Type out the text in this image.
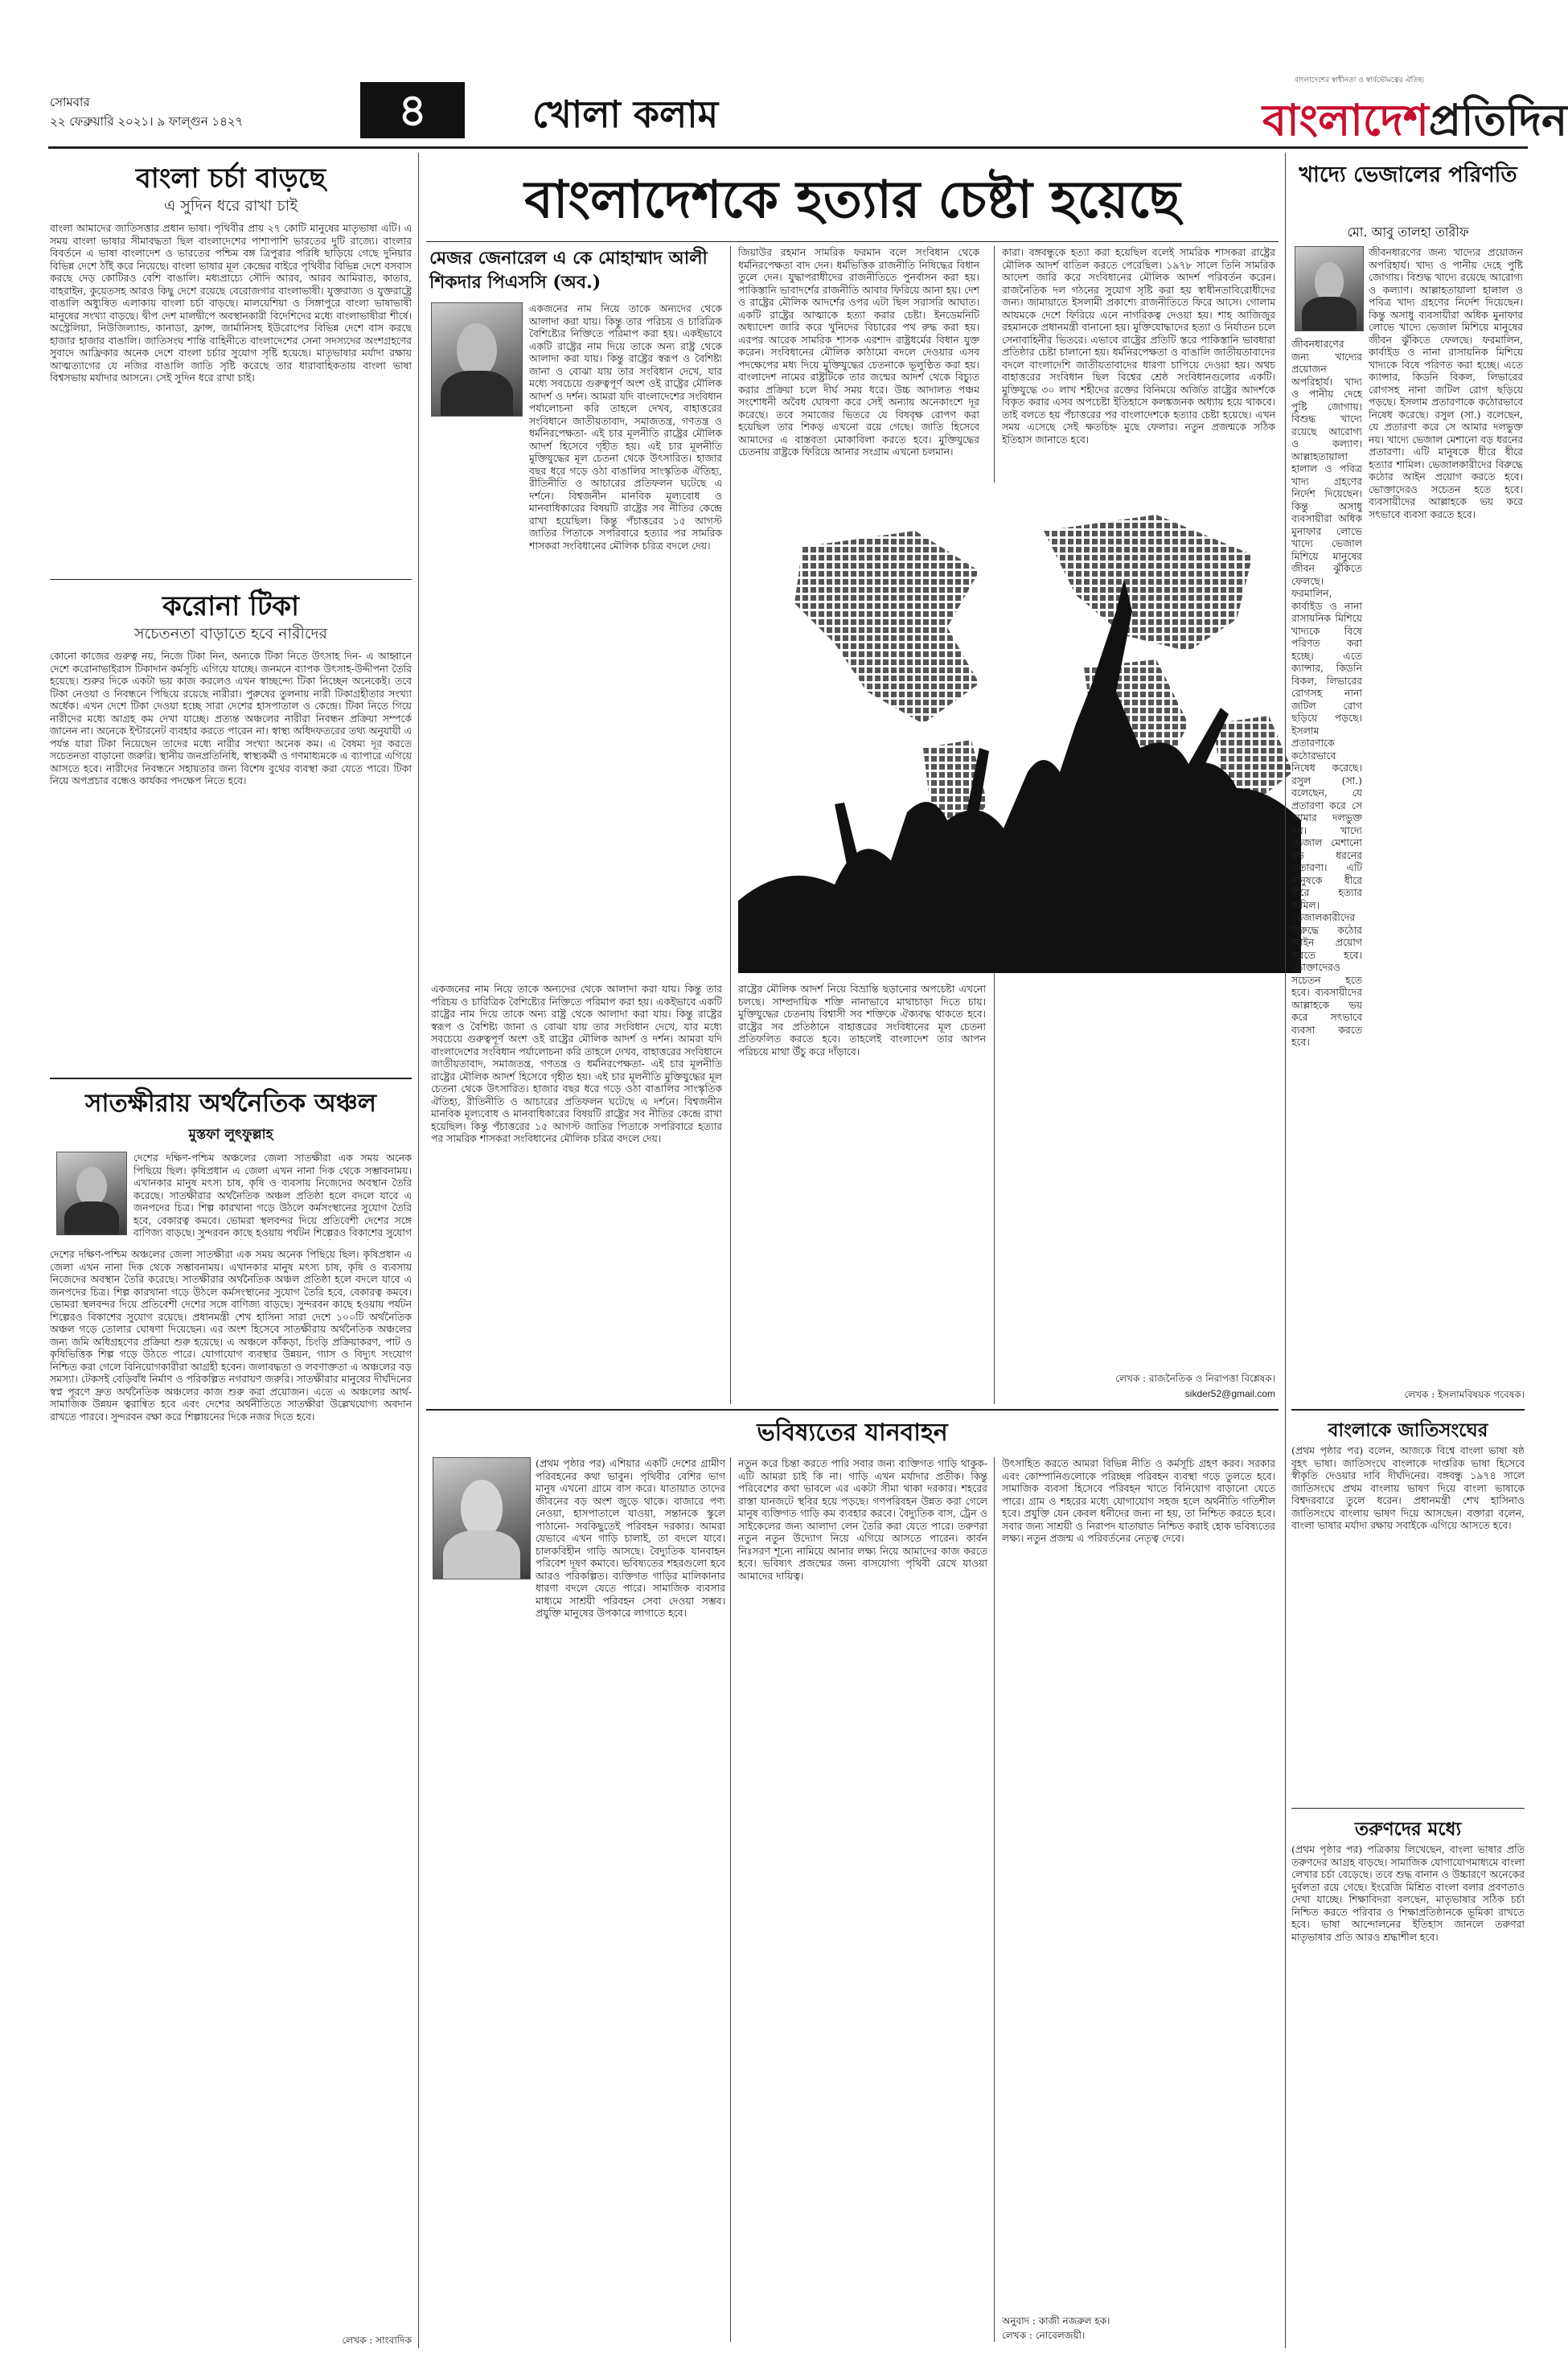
সোমবার
২২ ফেব্রুয়ারি ২০২১। ৯ ফাল্গুন ১৪২৭	৪	খোলা কলাম
বাংলাদেশের স্বাধীনতা ও স্বার্বভৌমত্বের ঐতিহ্য
বাংলাদেশপ্রতিদিন
বাংলা চর্চা বাড়ছে
এ সুদিন ধরে রাখা চাই
বাংলা আমাদের জাতিসত্তার প্রধান ভাষা। পৃথিবীর প্রায় ২৭ কোটি মানুষের মাতৃভাষা এটি। এ সময় বাংলা ভাষার সীমাবদ্ধতা ছিল বাংলাদেশের পাশাপাশি ভারতের দুটি রাজ্যে। বাংলার বিবর্তনে এ ভাষা বাংলাদেশ ও ভারতের পশ্চিম বঙ্গ ত্রিপুরার পরিধি ছাড়িয়ে গেছে দুনিয়ার বিভিন্ন দেশে ঠাঁই করে নিয়েছে। বাংলা ভাষার মূল কেন্দ্রের বাইরে পৃথিবীর বিভিন্ন দেশে বসবাস করছে দেড় কোটিরও বেশি বাঙালি। মধ্যপ্রাচ্যে সৌদি আরব, আরব আমিরাত, কাতার, বাহরাইন, কুয়েতসহ আরও কিছু দেশে রয়েছে বেরোজগার বাংলাভাষী। যুক্তরাজ্য ও যুক্তরাষ্ট্রে বাঙালি অধ্যুষিত এলাকায় বাংলা চর্চা বাড়ছে। মালয়েশিয়া ও সিঙ্গাপুরে বাংলা ভাষাভাষী মানুষের সংখ্যা বাড়ছে। দ্বীপ দেশ মালদ্বীপে অবস্থানকারী বিদেশিদের মধ্যে বাংলাভাষীরা শীর্ষে। অস্ট্রেলিয়া, নিউজিল্যান্ড, কানাডা, ফ্রান্স, জার্মানিসহ ইউরোপের বিভিন্ন দেশে বাস করছে হাজার হাজার বাঙালি। জাতিসংঘ শান্তি বাহিনীতে বাংলাদেশের সেনা সদস্যদের অংশগ্রহণের সুবাদে আফ্রিকার অনেক দেশে বাংলা চর্চার সুযোগ সৃষ্টি হয়েছে। মাতৃভাষার মর্যাদা রক্ষায় আত্মত্যাগের যে নজির বাঙালি জাতি সৃষ্টি করেছে তার ধারাবাহিকতায় বাংলা ভাষা বিশ্বসভায় মর্যাদার আসনে। সেই সুদিন ধরে রাখা চাই।
করোনা টিকা
সচেতনতা বাড়াতে হবে নারীদের
কোনো কাজের গুরুত্ব নয়, নিজে টিকা নিন, অন্যকে টিকা নিতে উৎসাহ দিন- এ আহ্বানে দেশে করোনাভাইরাস টিকাদান কর্মসূচি এগিয়ে যাচ্ছে। জনমনে ব্যাপক উৎসাহ-উদ্দীপনা তৈরি হয়েছে। শুরুর দিকে একটা ভয় কাজ করলেও এখন স্বাচ্ছন্দ্যে টিকা নিচ্ছেন অনেকেই। তবে টিকা নেওয়া ও নিবন্ধনে পিছিয়ে রয়েছে নারীরা। পুরুষের তুলনায় নারী টিকাগ্রহীতার সংখ্যা অর্ধেক। এখন দেশে টিকা দেওয়া হচ্ছে সারা দেশের হাসপাতাল ও কেন্দ্রে। টিকা নিতে গিয়ে নারীদের মধ্যে আগ্রহ কম দেখা যাচ্ছে। প্রত্যন্ত অঞ্চলের নারীরা নিবন্ধন প্রক্রিয়া সম্পর্কে জানেন না। অনেকে ইন্টারনেট ব্যবহার করতে পারেন না। স্বাস্থ্য অধিদফতরের তথ্য অনুযায়ী এ পর্যন্ত যারা টিকা নিয়েছেন তাদের মধ্যে নারীর সংখ্যা অনেক কম। এ বৈষম্য দূর করতে সচেতনতা বাড়ানো জরুরি। স্থানীয় জনপ্রতিনিধি, স্বাস্থ্যকর্মী ও গণমাধ্যমকে এ ব্যাপারে এগিয়ে আসতে হবে। নারীদের নিবন্ধনে সহায়তার জন্য বিশেষ বুথের ব্যবস্থা করা যেতে পারে। টিকা নিয়ে অপপ্রচার বন্ধেও কার্যকর পদক্ষেপ নিতে হবে।
সাতক্ষীরায় অর্থনৈতিক অঞ্চল
মুস্তফা লুৎফুল্লাহ
দেশের দক্ষিণ-পশ্চিম অঞ্চলের জেলা সাতক্ষীরা এক সময় অনেক পিছিয়ে ছিল। কৃষিপ্রধান এ জেলা এখন নানা দিক থেকে সম্ভাবনাময়। এখানকার মানুষ মৎস্য চাষ, কৃষি ও ব্যবসায় নিজেদের অবস্থান তৈরি করেছে। সাতক্ষীরার অর্থনৈতিক অঞ্চল প্রতিষ্ঠা হলে বদলে যাবে এ জনপদের চিত্র। শিল্প কারখানা গড়ে উঠলে কর্মসংস্থানের সুযোগ তৈরি হবে, বেকারত্ব কমবে। ভোমরা স্থলবন্দর দিয়ে প্রতিবেশী দেশের সঙ্গে বাণিজ্য বাড়ছে। সুন্দরবন কাছে হওয়ায় পর্যটন শিল্পেরও বিকাশের সুযোগ
দেশের দক্ষিণ-পশ্চিম অঞ্চলের জেলা সাতক্ষীরা এক সময় অনেক পিছিয়ে ছিল। কৃষিপ্রধান এ জেলা এখন নানা দিক থেকে সম্ভাবনাময়। এখানকার মানুষ মৎস্য চাষ, কৃষি ও ব্যবসায় নিজেদের অবস্থান তৈরি করেছে। সাতক্ষীরার অর্থনৈতিক অঞ্চল প্রতিষ্ঠা হলে বদলে যাবে এ জনপদের চিত্র। শিল্প কারখানা গড়ে উঠলে কর্মসংস্থানের সুযোগ তৈরি হবে, বেকারত্ব কমবে। ভোমরা স্থলবন্দর দিয়ে প্রতিবেশী দেশের সঙ্গে বাণিজ্য বাড়ছে। সুন্দরবন কাছে হওয়ায় পর্যটন শিল্পেরও বিকাশের সুযোগ রয়েছে। প্রধানমন্ত্রী শেখ হাসিনা সারা দেশে ১০০টি অর্থনৈতিক অঞ্চল গড়ে তোলার ঘোষণা দিয়েছেন। এর অংশ হিসেবে সাতক্ষীরায় অর্থনৈতিক অঞ্চলের জন্য জমি অধিগ্রহণের প্রক্রিয়া শুরু হয়েছে। এ অঞ্চলে কাঁকড়া, চিংড়ি প্রক্রিয়াকরণ, পাট ও কৃষিভিত্তিক শিল্প গড়ে উঠতে পারে। যোগাযোগ ব্যবস্থার উন্নয়ন, গ্যাস ও বিদ্যুৎ সংযোগ নিশ্চিত করা গেলে বিনিয়োগকারীরা আগ্রহী হবেন। জলাবদ্ধতা ও লবণাক্ততা এ অঞ্চলের বড় সমস্যা। টেকসই বেড়িবাঁধ নির্মাণ ও পরিকল্পিত নগরায়ণ জরুরি। সাতক্ষীরার মানুষের দীর্ঘদিনের স্বপ্ন পূরণে দ্রুত অর্থনৈতিক অঞ্চলের কাজ শুরু করা প্রয়োজন। এতে এ অঞ্চলের আর্থ-সামাজিক উন্নয়ন ত্বরান্বিত হবে এবং দেশের অর্থনীতিতে সাতক্ষীরা উল্লেখযোগ্য অবদান রাখতে পারবে। সুন্দরবন রক্ষা করে শিল্পায়নের দিকে নজর দিতে হবে।
লেখক : সাংবাদিক
বাংলাদেশকে হত্যার চেষ্টা হয়েছে
মেজর জেনারেল এ কে মোহাম্মাদ আলী শিকদার পিএসসি (অব.)
একজনের নাম নিয়ে তাকে অন্যদের থেকে আলাদা করা যায়। কিন্তু তার পরিচয় ও চারিত্রিক বৈশিষ্ট্যের নিক্তিতে পরিমাপ করা হয়। একইভাবে একটি রাষ্ট্রের নাম দিয়ে তাকে অন্য রাষ্ট্র থেকে আলাদা করা যায়। কিন্তু রাষ্ট্রের স্বরূপ ও বৈশিষ্ট্য জানা ও বোঝা যায় তার সংবিধান দেখে, যার মধ্যে সবচেয়ে গুরুত্বপূর্ণ অংশ ওই রাষ্ট্রের মৌলিক আদর্শ ও দর্শন। আমরা যদি বাংলাদেশের সংবিধান পর্যালোচনা করি তাহলে দেখব, বাহাত্তরের সংবিধানে জাতীয়তাবাদ, সমাজতন্ত্র, গণতন্ত্র ও ধর্মনিরপেক্ষতা- এই চার মূলনীতি রাষ্ট্রের মৌলিক আদর্শ হিসেবে গৃহীত হয়। এই চার মূলনীতি মুক্তিযুদ্ধের মূল চেতনা থেকে উৎসারিত। হাজার বছর ধরে গড়ে ওঠা বাঙালির সাংস্কৃতিক ঐতিহ্য, রীতিনীতি ও আচারের প্রতিফলন ঘটেছে এ দর্শনে। বিশ্বজনীন মানবিক মূল্যবোধ ও মানবাধিকারের বিষয়টি রাষ্ট্রের সব নীতির কেন্দ্রে রাখা হয়েছিল। কিন্তু পঁচাত্তরের ১৫ আগস্ট জাতির পিতাকে সপরিবারে হত্যার পর সামরিক শাসকরা সংবিধানের মৌলিক চরিত্র বদলে দেয়।
জিয়াউর রহমান সামরিক ফরমান বলে সংবিধান থেকে ধর্মনিরপেক্ষতা বাদ দেন। ধর্মভিত্তিক রাজনীতি নিষিদ্ধের বিধান তুলে দেন। যুদ্ধাপরাধীদের রাজনীতিতে পুনর্বাসন করা হয়। পাকিস্তানি ভাবাদর্শের রাজনীতি আবার ফিরিয়ে আনা হয়। দেশ ও রাষ্ট্রের মৌলিক আদর্শের ওপর এটা ছিল সরাসরি আঘাত। একটি রাষ্ট্রের আত্মাকে হত্যা করার চেষ্টা। ইনডেমনিটি অধ্যাদেশ জারি করে খুনিদের বিচারের পথ রুদ্ধ করা হয়। এরপর আরেক সামরিক শাসক এরশাদ রাষ্ট্রধর্মের বিধান যুক্ত করেন। সংবিধানের মৌলিক কাঠামো বদলে দেওয়ার এসব পদক্ষেপের মধ্য দিয়ে মুক্তিযুদ্ধের চেতনাকে ভূলুণ্ঠিত করা হয়। বাংলাদেশ নামের রাষ্ট্রটিকে তার জন্মের আদর্শ থেকে বিচ্যুত করার প্রক্রিয়া চলে দীর্ঘ সময় ধরে। উচ্চ আদালত পঞ্চম সংশোধনী অবৈধ ঘোষণা করে সেই অন্যায় অনেকাংশে দূর করেছে। তবে সমাজের ভিতরে যে বিষবৃক্ষ রোপণ করা হয়েছিল তার শিকড় এখনো রয়ে গেছে। জাতি হিসেবে আমাদের এ বাস্তবতা মোকাবিলা করতে হবে। মুক্তিযুদ্ধের চেতনায় রাষ্ট্রকে ফিরিয়ে আনার সংগ্রাম এখনো চলমান।
কারা। বঙ্গবন্ধুকে হত্যা করা হয়েছিল বলেই সামরিক শাসকরা রাষ্ট্রের মৌলিক আদর্শ বাতিল করতে পেরেছিল। ১৯৭৮ সালে তিনি সামরিক আদেশ জারি করে সংবিধানের মৌলিক আদর্শ পরিবর্তন করেন। রাজনৈতিক দল গঠনের সুযোগ সৃষ্টি করা হয় স্বাধীনতাবিরোধীদের জন্য। জামায়াতে ইসলামী প্রকাশ্যে রাজনীতিতে ফিরে আসে। গোলাম আযমকে দেশে ফিরিয়ে এনে নাগরিকত্ব দেওয়া হয়। শাহ আজিজুর রহমানকে প্রধানমন্ত্রী বানানো হয়। মুক্তিযোদ্ধাদের হত্যা ও নির্যাতন চলে সেনাবাহিনীর ভিতরে। এভাবে রাষ্ট্রের প্রতিটি স্তরে পাকিস্তানি ভাবধারা প্রতিষ্ঠার চেষ্টা চালানো হয়। ধর্মনিরপেক্ষতা ও বাঙালি জাতীয়তাবাদের বদলে বাংলাদেশি জাতীয়তাবাদের ধারণা চাপিয়ে দেওয়া হয়। অথচ বাহাত্তরের সংবিধান ছিল বিশ্বের শ্রেষ্ঠ সংবিধানগুলোর একটি। মুক্তিযুদ্ধে ৩০ লাখ শহীদের রক্তের বিনিময়ে অর্জিত রাষ্ট্রের আদর্শকে বিকৃত করার এসব অপচেষ্টা ইতিহাসে কলঙ্কজনক অধ্যায় হয়ে থাকবে। তাই বলতে হয় পঁচাত্তরের পর বাংলাদেশকে হত্যার চেষ্টা হয়েছে। এখন সময় এসেছে সেই ক্ষতচিহ্ন মুছে ফেলার। নতুন প্রজন্মকে সঠিক ইতিহাস জানাতে হবে।
একজনের নাম নিয়ে তাকে অন্যদের থেকে আলাদা করা যায়। কিন্তু তার পরিচয় ও চারিত্রিক বৈশিষ্ট্যের নিক্তিতে পরিমাপ করা হয়। একইভাবে একটি রাষ্ট্রের নাম দিয়ে তাকে অন্য রাষ্ট্র থেকে আলাদা করা যায়। কিন্তু রাষ্ট্রের স্বরূপ ও বৈশিষ্ট্য জানা ও বোঝা যায় তার সংবিধান দেখে, যার মধ্যে সবচেয়ে গুরুত্বপূর্ণ অংশ ওই রাষ্ট্রের মৌলিক আদর্শ ও দর্শন। আমরা যদি বাংলাদেশের সংবিধান পর্যালোচনা করি তাহলে দেখব, বাহাত্তরের সংবিধানে জাতীয়তাবাদ, সমাজতন্ত্র, গণতন্ত্র ও ধর্মনিরপেক্ষতা- এই চার মূলনীতি রাষ্ট্রের মৌলিক আদর্শ হিসেবে গৃহীত হয়। এই চার মূলনীতি মুক্তিযুদ্ধের মূল চেতনা থেকে উৎসারিত। হাজার বছর ধরে গড়ে ওঠা বাঙালির সাংস্কৃতিক ঐতিহ্য, রীতিনীতি ও আচারের প্রতিফলন ঘটেছে এ দর্শনে। বিশ্বজনীন মানবিক মূল্যবোধ ও মানবাধিকারের বিষয়টি রাষ্ট্রের সব নীতির কেন্দ্রে রাখা হয়েছিল। কিন্তু পঁচাত্তরের ১৫ আগস্ট জাতির পিতাকে সপরিবারে হত্যার পর সামরিক শাসকরা সংবিধানের মৌলিক চরিত্র বদলে দেয়।
রাষ্ট্রের মৌলিক আদর্শ নিয়ে বিভ্রান্তি ছড়ানোর অপচেষ্টা এখনো চলছে। সাম্প্রদায়িক শক্তি নানাভাবে মাথাচাড়া দিতে চায়। মুক্তিযুদ্ধের চেতনায় বিশ্বাসী সব শক্তিকে ঐক্যবদ্ধ থাকতে হবে। রাষ্ট্রের সব প্রতিষ্ঠানে বাহাত্তরের সংবিধানের মূল চেতনা প্রতিফলিত করতে হবে। তাহলেই বাংলাদেশ তার আপন পরিচয়ে মাথা উঁচু করে দাঁড়াবে।
লেখক : রাজনৈতিক ও নিরাপত্তা বিশ্লেষক।
sikder52@gmail.com
ভবিষ্যতের যানবাহন
(প্রথম পৃষ্ঠার পর) এশিয়ার একটি দেশের গ্রামীণ পরিবহনের কথা ভাবুন। পৃথিবীর বেশির ভাগ মানুষ এখনো গ্রামে বাস করে। যাতায়াত তাদের জীবনের বড় অংশ জুড়ে থাকে। বাজারে পণ্য নেওয়া, হাসপাতালে যাওয়া, সন্তানকে স্কুলে পাঠানো- সবকিছুতেই পরিবহন দরকার। আমরা যেভাবে এখন গাড়ি চালাই, তা বদলে যাবে। চালকবিহীন গাড়ি আসছে। বৈদ্যুতিক যানবাহন পরিবেশ দূষণ কমাবে। ভবিষ্যতের শহরগুলো হবে আরও পরিকল্পিত। ব্যক্তিগত গাড়ির মালিকানার ধারণা বদলে যেতে পারে। সামাজিক ব্যবসার মাধ্যমে সাশ্রয়ী পরিবহন সেবা দেওয়া সম্ভব। প্রযুক্তি মানুষের উপকারে লাগাতে হবে।
নতুন করে চিন্তা করতে পারি সবার জন্য ব্যক্তিগত গাড়ি থাকুক- এটি আমরা চাই কি না। গাড়ি এখন মর্যাদার প্রতীক। কিন্তু পরিবেশের কথা ভাবলে এর একটা সীমা থাকা দরকার। শহরের রাস্তা যানজটে স্থবির হয়ে পড়ছে। গণপরিবহন উন্নত করা গেলে মানুষ ব্যক্তিগত গাড়ি কম ব্যবহার করবে। বৈদ্যুতিক বাস, ট্রেন ও সাইকেলের জন্য আলাদা লেন তৈরি করা যেতে পারে। তরুণরা নতুন নতুন উদ্যোগ নিয়ে এগিয়ে আসতে পারেন। কার্বন নিঃসরণ শূন্যে নামিয়ে আনার লক্ষ্য নিয়ে আমাদের কাজ করতে হবে। ভবিষ্যৎ প্রজন্মের জন্য বাসযোগ্য পৃথিবী রেখে যাওয়া আমাদের দায়িত্ব।
উৎসাহিত করতে আমরা বিভিন্ন নীতি ও কর্মসূচি গ্রহণ করব। সরকার এবং কোম্পানিগুলোকে পরিচ্ছন্ন পরিবহন ব্যবস্থা গড়ে তুলতে হবে। সামাজিক ব্যবসা হিসেবে পরিবহন খাতে বিনিয়োগ বাড়ানো যেতে পারে। গ্রাম ও শহরের মধ্যে যোগাযোগ সহজ হলে অর্থনীতি গতিশীল হবে। প্রযুক্তি যেন কেবল ধনীদের জন্য না হয়, তা নিশ্চিত করতে হবে। সবার জন্য সাশ্রয়ী ও নিরাপদ যাতায়াত নিশ্চিত করাই হোক ভবিষ্যতের লক্ষ্য। নতুন প্রজন্ম এ পরিবর্তনের নেতৃত্ব দেবে।
অনুবাদ : কাজী নজরুল হক।
লেখক : নোবেলজয়ী।
খাদ্যে ভেজালের পরিণতি
মো. আবু তালহা তারীফ
জীবনধারণের জন্য খাদ্যের প্রয়োজন অপরিহার্য। খাদ্য ও পানীয় দেহে পুষ্টি জোগায়। বিশুদ্ধ খাদ্যে রয়েছে আরোগ্য ও কল্যাণ। আল্লাহতায়ালা হালাল ও পবিত্র খাদ্য গ্রহণের নির্দেশ দিয়েছেন। কিন্তু অসাধু ব্যবসায়ীরা অধিক মুনাফার লোভে খাদ্যে ভেজাল মিশিয়ে মানুষের জীবন ঝুঁকিতে ফেলছে। ফরমালিন, কার্বাইড ও নানা রাসায়নিক মিশিয়ে খাদ্যকে বিষে পরিণত করা হচ্ছে। এতে ক্যান্সার, কিডনি বিকল, লিভারের রোগসহ নানা জটিল রোগ ছড়িয়ে পড়ছে। ইসলাম প্রতারণাকে কঠোরভাবে নিষেধ করেছে। রসুল (সা.) বলেছেন, যে প্রতারণা করে সে আমার দলভুক্ত নয়। খাদ্যে ভেজাল মেশানো বড় ধরনের প্রতারণা। এটি মানুষকে ধীরে ধীরে হত্যার শামিল। ভেজালকারীদের বিরুদ্ধে কঠোর আইন প্রয়োগ করতে হবে। ভোক্তাদেরও সচেতন হতে হবে। ব্যবসায়ীদের আল্লাহকে ভয় করে সৎভাবে ব্যবসা করতে হবে।
জীবনধারণের জন্য খাদ্যের প্রয়োজন অপরিহার্য। খাদ্য ও পানীয় দেহে পুষ্টি জোগায়। বিশুদ্ধ খাদ্যে রয়েছে আরোগ্য ও কল্যাণ। আল্লাহতায়ালা হালাল ও পবিত্র খাদ্য গ্রহণের নির্দেশ দিয়েছেন। কিন্তু অসাধু ব্যবসায়ীরা অধিক মুনাফার লোভে খাদ্যে ভেজাল মিশিয়ে মানুষের জীবন ঝুঁকিতে ফেলছে। ফরমালিন, কার্বাইড ও নানা রাসায়নিক মিশিয়ে খাদ্যকে বিষে পরিণত করা হচ্ছে। এতে ক্যান্সার, কিডনি বিকল, লিভারের রোগসহ নানা জটিল রোগ ছড়িয়ে পড়ছে। ইসলাম প্রতারণাকে কঠোরভাবে নিষেধ করেছে। রসুল (সা.) বলেছেন, যে প্রতারণা করে সে আমার দলভুক্ত নয়। খাদ্যে ভেজাল মেশানো বড় ধরনের প্রতারণা। এটি মানুষকে ধীরে ধীরে হত্যার শামিল। ভেজালকারীদের বিরুদ্ধে কঠোর আইন প্রয়োগ করতে হবে। ভোক্তাদেরও সচেতন হতে হবে। ব্যবসায়ীদের আল্লাহকে ভয় করে সৎভাবে ব্যবসা করতে হবে।
লেখক : ইসলামবিষয়ক গবেষক।
বাংলাকে জাতিসংঘের
(প্রথম পৃষ্ঠার পর) বলেন, আজকে বিশ্বে বাংলা ভাষা ষষ্ঠ বৃহৎ ভাষা। জাতিসংঘে বাংলাকে দাপ্তরিক ভাষা হিসেবে স্বীকৃতি দেওয়ার দাবি দীর্ঘদিনের। বঙ্গবন্ধু ১৯৭৪ সালে জাতিসংঘে প্রথম বাংলায় ভাষণ দিয়ে বাংলা ভাষাকে বিশ্বদরবারে তুলে ধরেন। প্রধানমন্ত্রী শেখ হাসিনাও জাতিসংঘে বাংলায় ভাষণ দিয়ে আসছেন। বক্তারা বলেন, বাংলা ভাষার মর্যাদা রক্ষায় সবাইকে এগিয়ে আসতে হবে।
তরুণদের মধ্যে
(প্রথম পৃষ্ঠার পর) পত্রিকায় লিখেছেন, বাংলা ভাষার প্রতি তরুণদের আগ্রহ বাড়ছে। সামাজিক যোগাযোগমাধ্যমে বাংলা লেখার চর্চা বেড়েছে। তবে শুদ্ধ বানান ও উচ্চারণে অনেকের দুর্বলতা রয়ে গেছে। ইংরেজি মিশ্রিত বাংলা বলার প্রবণতাও দেখা যাচ্ছে। শিক্ষাবিদরা বলছেন, মাতৃভাষার সঠিক চর্চা নিশ্চিত করতে পরিবার ও শিক্ষাপ্রতিষ্ঠানকে ভূমিকা রাখতে হবে। ভাষা আন্দোলনের ইতিহাস জানলে তরুণরা মাতৃভাষার প্রতি আরও শ্রদ্ধাশীল হবে।
